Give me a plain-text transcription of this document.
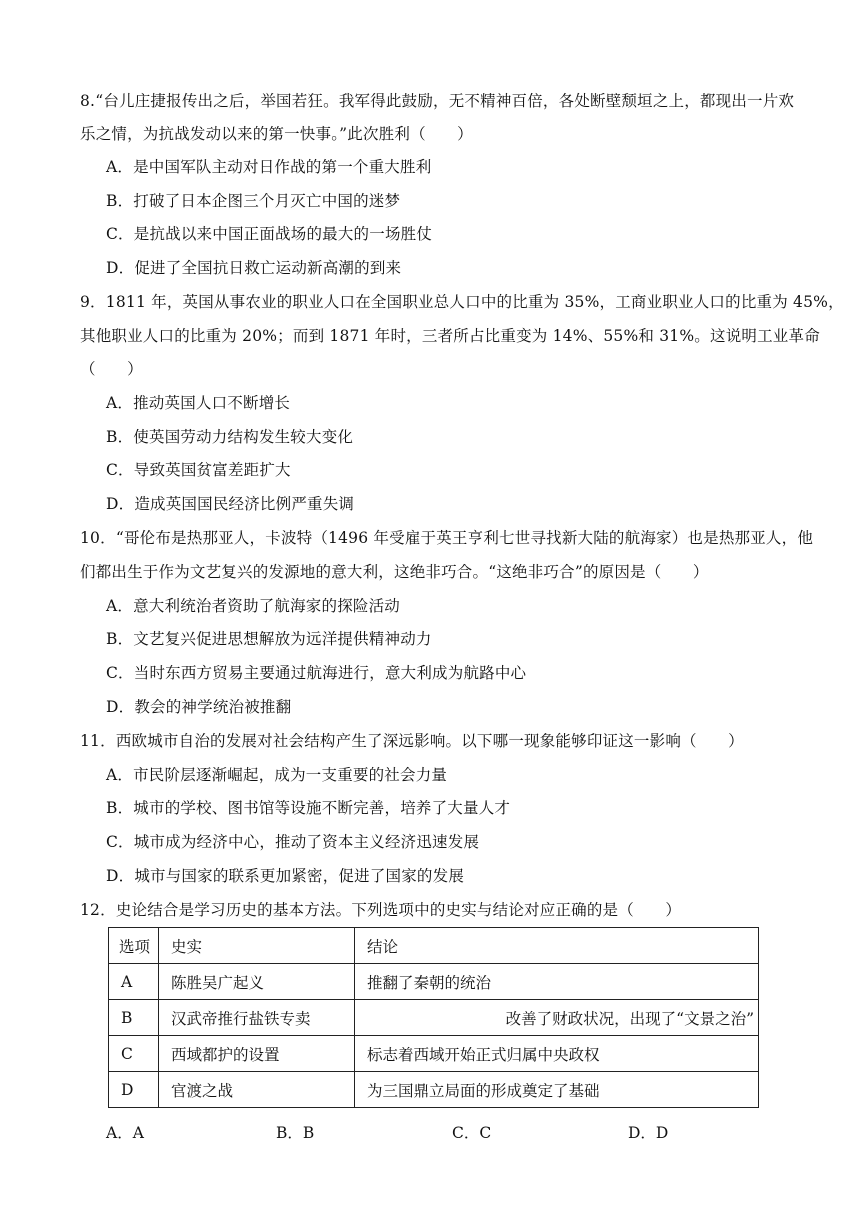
8.“台儿庄捷报传出之后，举国若狂。我军得此鼓励，无不精神百倍，各处断壁颓垣之上，都现出一片欢
乐之情，为抗战发动以来的第一快事。”此次胜利（　　）
A．是中国军队主动对日作战的第一个重大胜利
B．打破了日本企图三个月灭亡中国的迷梦
C．是抗战以来中国正面战场的最大的一场胜仗
D．促进了全国抗日救亡运动新高潮的到来
9．1811 年，英国从事农业的职业人口在全国职业总人口中的比重为 35%，工商业职业人口的比重为 45%，
其他职业人口的比重为 20%；而到 1871 年时，三者所占比重变为 14%、55%和 31%。这说明工业革命
（　　）
A．推动英国人口不断增长
B．使英国劳动力结构发生较大变化
C．导致英国贫富差距扩大
D．造成英国国民经济比例严重失调
10．“哥伦布是热那亚人，卡波特（1496 年受雇于英王亨利七世寻找新大陆的航海家）也是热那亚人，他
们都出生于作为文艺复兴的发源地的意大利，这绝非巧合。“这绝非巧合”的原因是（　　）
A．意大利统治者资助了航海家的探险活动
B．文艺复兴促进思想解放为远洋提供精神动力
C．当时东西方贸易主要通过航海进行，意大利成为航路中心
D．教会的神学统治被推翻
11．西欧城市自治的发展对社会结构产生了深远影响。以下哪一现象能够印证这一影响（　　）
A．市民阶层逐渐崛起，成为一支重要的社会力量
B．城市的学校、图书馆等设施不断完善，培养了大量人才
C．城市成为经济中心，推动了资本主义经济迅速发展
D．城市与国家的联系更加紧密，促进了国家的发展
12．史论结合是学习历史的基本方法。下列选项中的史实与结论对应正确的是（　　）
选项	史实	结论
A	陈胜吴广起义	推翻了秦朝的统治
B	汉武帝推行盐铁专卖	改善了财政状况，出现了“文景之治”
C	西域都护的设置	标志着西域开始正式归属中央政权
D	官渡之战	为三国鼎立局面的形成奠定了基础
A．A	B．B	C．C	D．D
